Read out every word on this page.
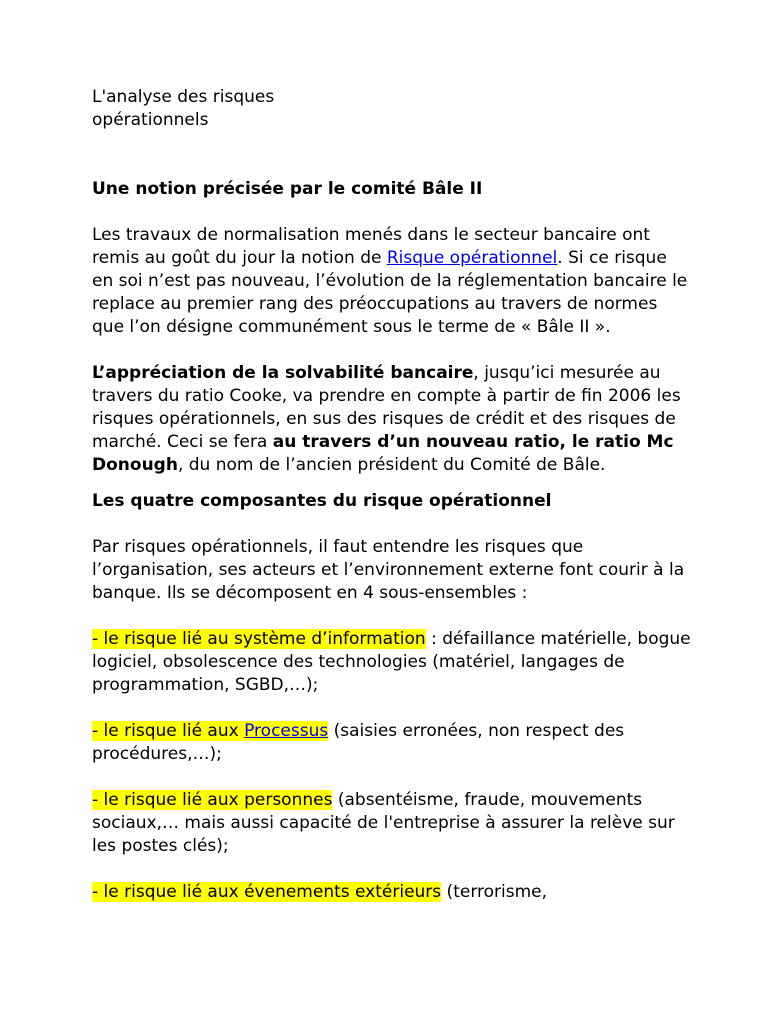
L'analyse des risques
opérationnels

Une notion précisée par le comité Bâle II

Les travaux de normalisation menés dans le secteur bancaire ont remis au goût du jour la notion de Risque opérationnel. Si ce risque en soi n’est pas nouveau, l’évolution de la réglementation bancaire le replace au premier rang des préoccupations au travers de normes que l’on désigne communément sous le terme de « Bâle II ».

L’appréciation de la solvabilité bancaire, jusqu’ici mesurée au travers du ratio Cooke, va prendre en compte à partir de fin 2006 les risques opérationnels, en sus des risques de crédit et des risques de marché. Ceci se fera au travers d’un nouveau ratio, le ratio Mc Donough, du nom de l’ancien président du Comité de Bâle.

Les quatre composantes du risque opérationnel

Par risques opérationnels, il faut entendre les risques que l’organisation, ses acteurs et l’environnement externe font courir à la banque. Ils se décomposent en 4 sous-ensembles :

- le risque lié au système d’information : défaillance matérielle, bogue logiciel, obsolescence des technologies (matériel, langages de programmation, SGBD,…);

- le risque lié aux Processus (saisies erronées, non respect des procédures,…);

- le risque lié aux personnes (absentéisme, fraude, mouvements sociaux,… mais aussi capacité de l'entreprise à assurer la relève sur les postes clés);

- le risque lié aux évenements extérieurs (terrorisme,
